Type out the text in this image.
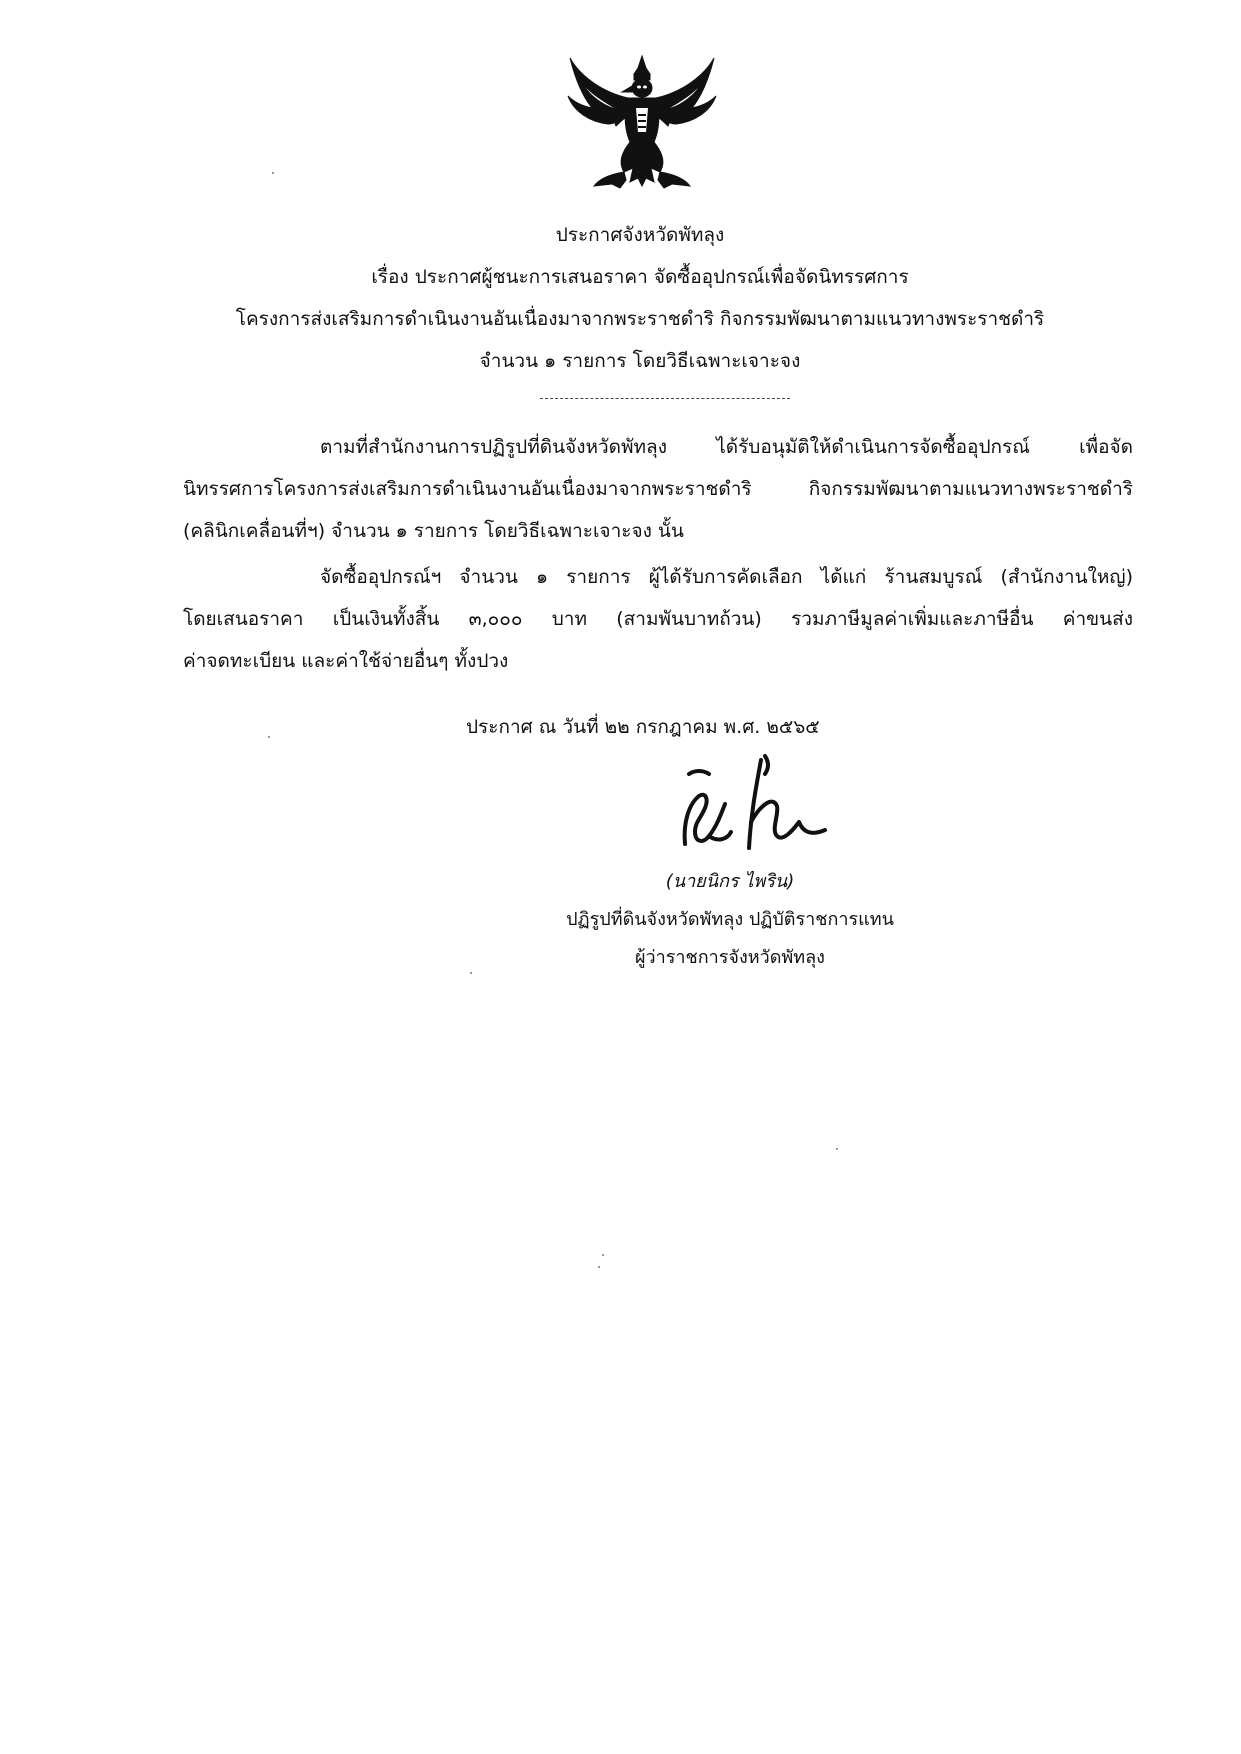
ประกาศจังหวัดพัทลุง
เรื่อง ประกาศผู้ชนะการเสนอราคา จัดซื้ออุปกรณ์เพื่อจัดนิทรรศการ
โครงการส่งเสริมการดำเนินงานอันเนื่องมาจากพระราชดำริ กิจกรรมพัฒนาตามแนวทางพระราชดำริ
จำนวน ๑ รายการ โดยวิธีเฉพาะเจาะจง
ตามที่สำนักงานการปฏิรูปที่ดินจังหวัดพัทลุง ได้รับอนุมัติให้ดำเนินการจัดซื้ออุปกรณ์ เพื่อจัด
นิทรรศการโครงการส่งเสริมการดำเนินงานอันเนื่องมาจากพระราชดำริ กิจกรรมพัฒนาตามแนวทางพระราชดำริ
(คลินิกเคลื่อนที่ฯ) จำนวน ๑ รายการ โดยวิธีเฉพาะเจาะจง นั้น
จัดซื้ออุปกรณ์ฯ จำนวน ๑ รายการ ผู้ได้รับการคัดเลือก ได้แก่ ร้านสมบูรณ์ (สำนักงานใหญ่)
โดยเสนอราคา เป็นเงินทั้งสิ้น ๓,๐๐๐ บาท (สามพันบาทถ้วน) รวมภาษีมูลค่าเพิ่มและภาษีอื่น ค่าขนส่ง
ค่าจดทะเบียน และค่าใช้จ่ายอื่นๆ ทั้งปวง
ประกาศ ณ วันที่ ๒๒ กรกฎาคม พ.ศ. ๒๕๖๕
(นายนิกร ไพริน)
ปฏิรูปที่ดินจังหวัดพัทลุง ปฏิบัติราชการแทน
ผู้ว่าราชการจังหวัดพัทลุง
